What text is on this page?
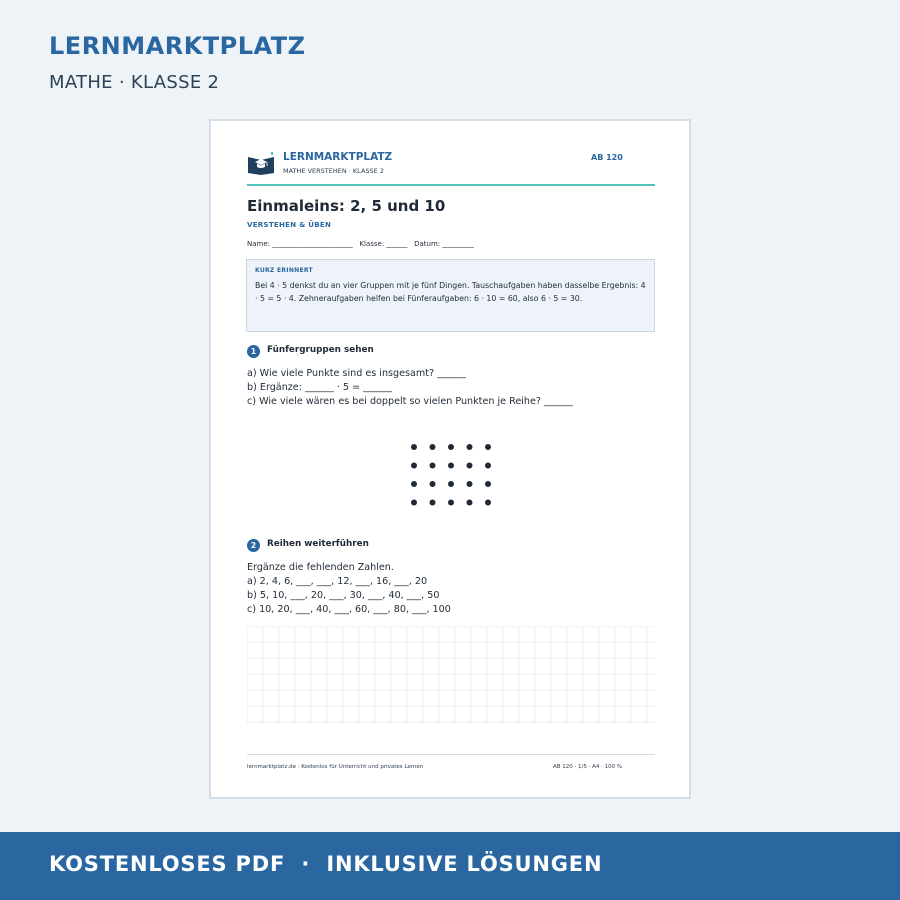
LERNMARKTPLATZ
MATHE · KLASSE 2
LERNMARKTPLATZ
MATHE VERSTEHEN · KLASSE 2
AB 120
Einmaleins: 2, 5 und 10
VERSTEHEN & ÜBEN
Name: _______________________   Klasse: ______   Datum: _________
KURZ ERINNERT
Bei 4 · 5 denkst du an vier Gruppen mit je fünf Dingen. Tauschaufgaben haben dasselbe Ergebnis: 4 · 5 = 5 · 4. Zehneraufgaben helfen bei Fünferaufgaben: 6 · 10 = 60, also 6 · 5 = 30.
1	Fünfergruppen sehen
a) Wie viele Punkte sind es insgesamt? ______
b) Ergänze: ______ · 5 = ______
c) Wie viele wären es bei doppelt so vielen Punkten je Reihe? ______
2	Reihen weiterführen
Ergänze die fehlenden Zahlen.
a) 2, 4, 6, ___, ___, 12, ___, 16, ___, 20
b) 5, 10, ___, 20, ___, 30, ___, 40, ___, 50
c) 10, 20, ___, 40, ___, 60, ___, 80, ___, 100
lernmarktplatz.de · Kostenlos für Unterricht und privates Lernen	AB 120 · 1/5 · A4 · 100 %
KOSTENLOSES PDF  ·  INKLUSIVE LÖSUNGEN
